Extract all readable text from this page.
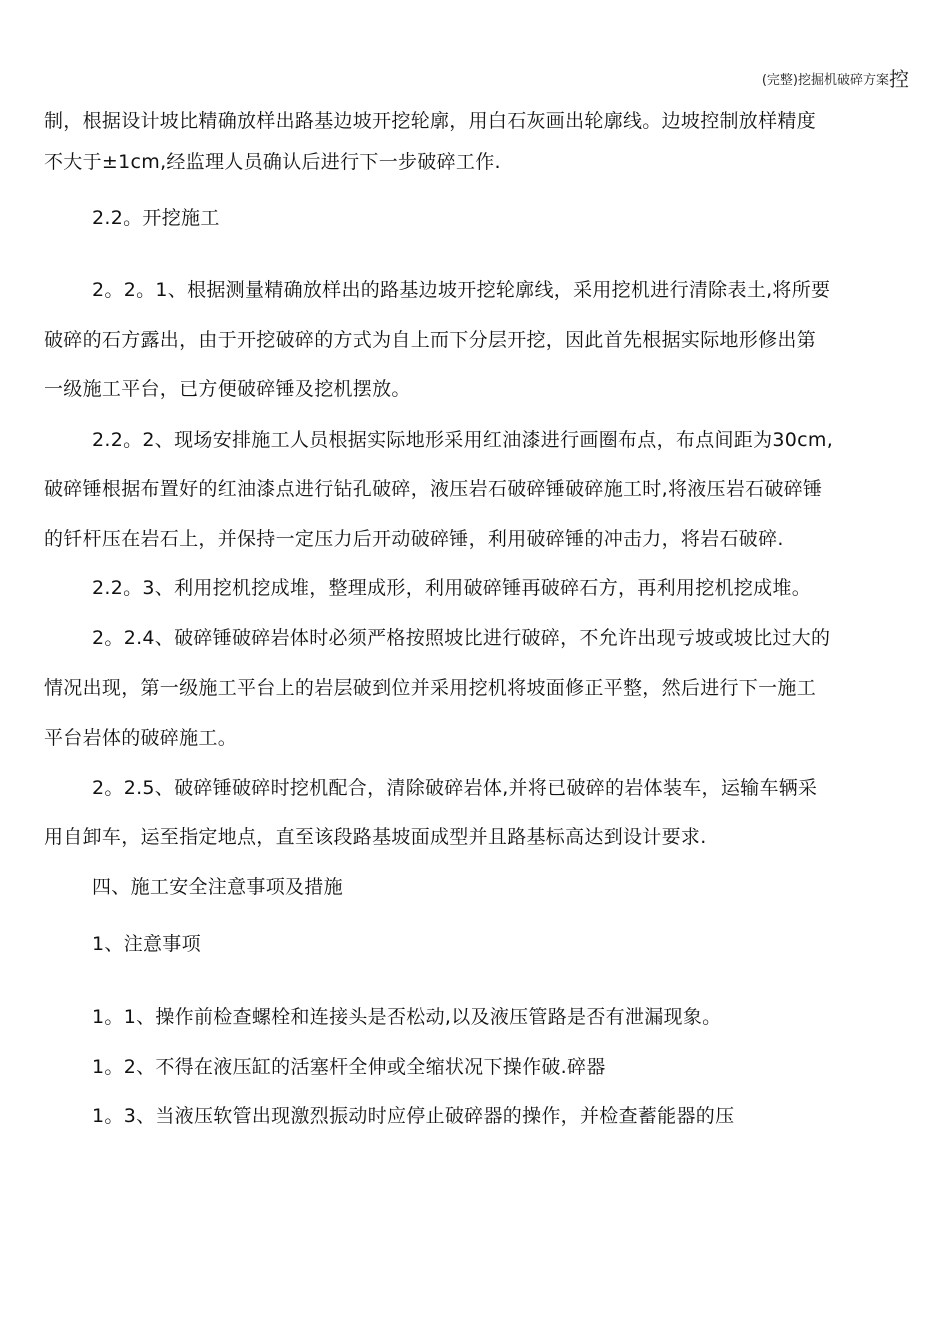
(完整)挖掘机破碎方案控
制，根据设计坡比精确放样出路基边坡开挖轮廓，用白石灰画出轮廓线。边坡控制放样精度
不大于±1cm,经监理人员确认后进行下一步破碎工作.
2.2。开挖施工
2。2。1、根据测量精确放样出的路基边坡开挖轮廓线，采用挖机进行清除表土,将所要
破碎的石方露出，由于开挖破碎的方式为自上而下分层开挖，因此首先根据实际地形修出第
一级施工平台，已方便破碎锤及挖机摆放。
2.2。2、现场安排施工人员根据实际地形采用红油漆进行画圈布点，布点间距为30cm,
破碎锤根据布置好的红油漆点进行钻孔破碎，液压岩石破碎锤破碎施工时,将液压岩石破碎锤
的钎杆压在岩石上，并保持一定压力后开动破碎锤，利用破碎锤的冲击力，将岩石破碎.
2.2。3、利用挖机挖成堆，整理成形，利用破碎锤再破碎石方，再利用挖机挖成堆。
2。2.4、破碎锤破碎岩体时必须严格按照坡比进行破碎，不允许出现亏坡或坡比过大的
情况出现，第一级施工平台上的岩层破到位并采用挖机将坡面修正平整，然后进行下一施工
平台岩体的破碎施工。
2。2.5、破碎锤破碎时挖机配合，清除破碎岩体,并将已破碎的岩体装车，运输车辆采
用自卸车，运至指定地点，直至该段路基坡面成型并且路基标高达到设计要求.
四、施工安全注意事项及措施
1、注意事项
1。1、操作前检查螺栓和连接头是否松动,以及液压管路是否有泄漏现象。
1。2、不得在液压缸的活塞杆全伸或全缩状况下操作破.碎器
1。3、当液压软管出现激烈振动时应停止破碎器的操作，并检查蓄能器的压
